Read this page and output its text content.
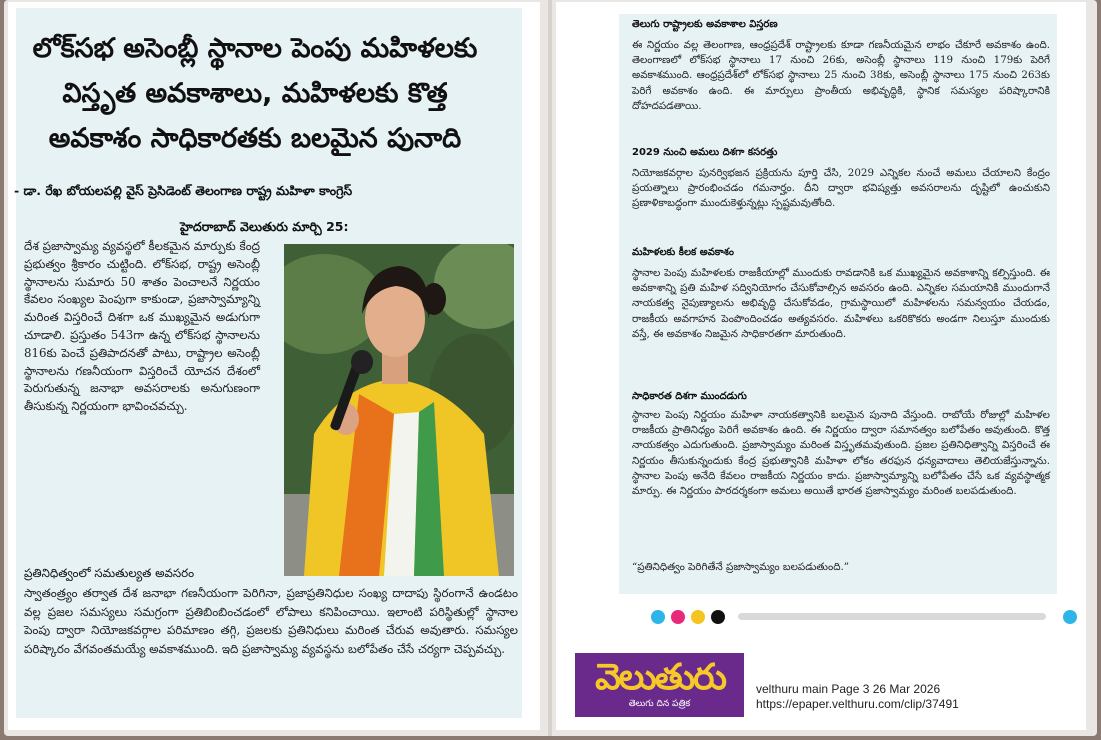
లోక్‌సభ అసెంబ్లీ స్థానాల పెంపు మహిళలకు
విస్తృత అవకాశాలు, మహిళలకు కొత్త
అవకాశం సాధికారతకు బలమైన పునాది
- డా. రేఖ బోయలపల్లి వైస్ ప్రెసిడెంట్ తెలంగాణ రాష్ట్ర మహిళా కాంగ్రెస్
హైదరాబాద్ వెలుతురు మార్చి 25:

దేశ ప్రజాస్వామ్య వ్యవస్థలో కీలకమైన మార్పుకు కేంద్ర ప్రభుత్వం శ్రీకారం చుట్టింది. లోక్‌సభ, రాష్ట్ర అసెంబ్లీ స్థానాలను సుమారు 50 శాతం పెంచాలనే నిర్ణయం కేవలం సంఖ్యల పెంపుగా కాకుండా, ప్రజాస్వామ్యాన్ని మరింత విస్తరించే దిశగా ఒక ముఖ్యమైన అడుగుగా చూడాలి. ప్రస్తుతం 543గా ఉన్న లోక్‌సభ స్థానాలను 816కు పెంచే ప్రతిపాదనతో పాటు, రాష్ట్రాల అసెంబ్లీ స్థానాలను గణనీయంగా విస్తరించే యోచన దేశంలో పెరుగుతున్న జనాభా అవసరాలకు అనుగుణంగా తీసుకున్న నిర్ణయంగా భావించవచ్చు.

ప్రతినిధిత్వంలో సమతుల్యత అవసరం

స్వాతంత్ర్యం తర్వాత దేశ జనాభా గణనీయంగా పెరిగినా, ప్రజాప్రతినిధుల సంఖ్య దాదాపు స్థిరంగానే ఉండటం వల్ల ప్రజల సమస్యలు సమగ్రంగా ప్రతిబింబించడంలో లోపాలు కనిపించాయి. ఇలాంటి పరిస్థితుల్లో స్థానాల పెంపు ద్వారా నియోజకవర్గాల పరిమాణం తగ్గి, ప్రజలకు ప్రతినిధులు మరింత చేరువ అవుతారు. సమస్యల పరిష్కారం వేగవంతమయ్యే అవకాశముంది. ఇది ప్రజాస్వామ్య వ్యవస్థను బలోపేతం చేసే చర్యగా చెప్పవచ్చు.

తెలుగు రాష్ట్రాలకు అవకాశాల విస్తరణ

ఈ నిర్ణయం వల్ల తెలంగాణ, ఆంధ్రప్రదేశ్ రాష్ట్రాలకు కూడా గణనీయమైన లాభం చేకూరే అవకాశం ఉంది. తెలంగాణలో లోక్‌సభ స్థానాలు 17 నుంచి 26కు, అసెంబ్లీ స్థానాలు 119 నుంచి 179కు పెరిగే అవకాశముంది. ఆంధ్రప్రదేశ్‌లో లోక్‌సభ స్థానాలు 25 నుంచి 38కు, అసెంబ్లీ స్థానాలు 175 నుంచి 263కు పెరిగే అవకాశం ఉంది. ఈ మార్పులు ప్రాంతీయ అభివృద్ధికి, స్థానిక సమస్యల పరిష్కారానికి దోహదపడతాయి.

2029 నుంచి అమలు దిశగా కసరత్తు

నియోజకవర్గాల పునర్విభజన ప్రక్రియను పూర్తి చేసి, 2029 ఎన్నికల నుంచే అమలు చేయాలని కేంద్రం ప్రయత్నాలు ప్రారంభించడం గమనార్హం. దీని ద్వారా భవిష్యత్తు అవసరాలను దృష్టిలో ఉంచుకుని ప్రణాళికాబద్ధంగా ముందుకెళ్తున్నట్లు స్పష్టమవుతోంది.

మహిళలకు కీలక అవకాశం

స్థానాల పెంపు మహిళలకు రాజకీయాల్లో ముందుకు రావడానికి ఒక ముఖ్యమైన అవకాశాన్ని కల్పిస్తుంది. ఈ అవకాశాన్ని ప్రతి మహిళ సద్వినియోగం చేసుకోవాల్సిన అవసరం ఉంది. ఎన్నికల సమయానికి ముందుగానే నాయకత్వ నైపుణ్యాలను అభివృద్ధి చేసుకోవడం, గ్రామస్థాయిలో మహిళలను సమన్వయం చేయడం, రాజకీయ అవగాహన పెంపొందించడం అత్యవసరం. మహిళలు ఒకరికొకరు అండగా నిలుస్తూ ముందుకు వస్తే, ఈ అవకాశం నిజమైన సాధికారతగా మారుతుంది.

సాధికారత దిశగా ముందడుగు

స్థానాల పెంపు నిర్ణయం మహిళా నాయకత్వానికి బలమైన పునాది వేస్తుంది. రాబోయే రోజుల్లో మహిళల రాజకీయ ప్రాతినిధ్యం పెరిగే అవకాశం ఉంది. ఈ నిర్ణయం ద్వారా సమానత్వం బలోపేతం అవుతుంది. కొత్త నాయకత్వం ఎదుగుతుంది. ప్రజాస్వామ్యం మరింత విస్తృతమవుతుంది. ప్రజల ప్రతినిధిత్వాన్ని విస్తరించే ఈ నిర్ణయం తీసుకున్నందుకు కేంద్ర ప్రభుత్వానికి మహిళా లోకం తరఫున ధన్యవాదాలు తెలియజేస్తున్నాను. స్థానాల పెంపు అనేది కేవలం రాజకీయ నిర్ణయం కాదు. ప్రజాస్వామ్యాన్ని బలోపేతం చేసే ఒక వ్యవస్థాత్మక మార్పు. ఈ నిర్ణయం పారదర్శకంగా అమలు అయితే భారత ప్రజాస్వామ్యం మరింత బలపడుతుంది.

“ప్రతినిధిత్వం పెరిగితేనే ప్రజాస్వామ్యం బలపడుతుంది.”

వెలుతురు
తెలుగు దిన పత్రిక
velthuru main Page 3 26 Mar 2026
https://epaper.velthuru.com/clip/37491
